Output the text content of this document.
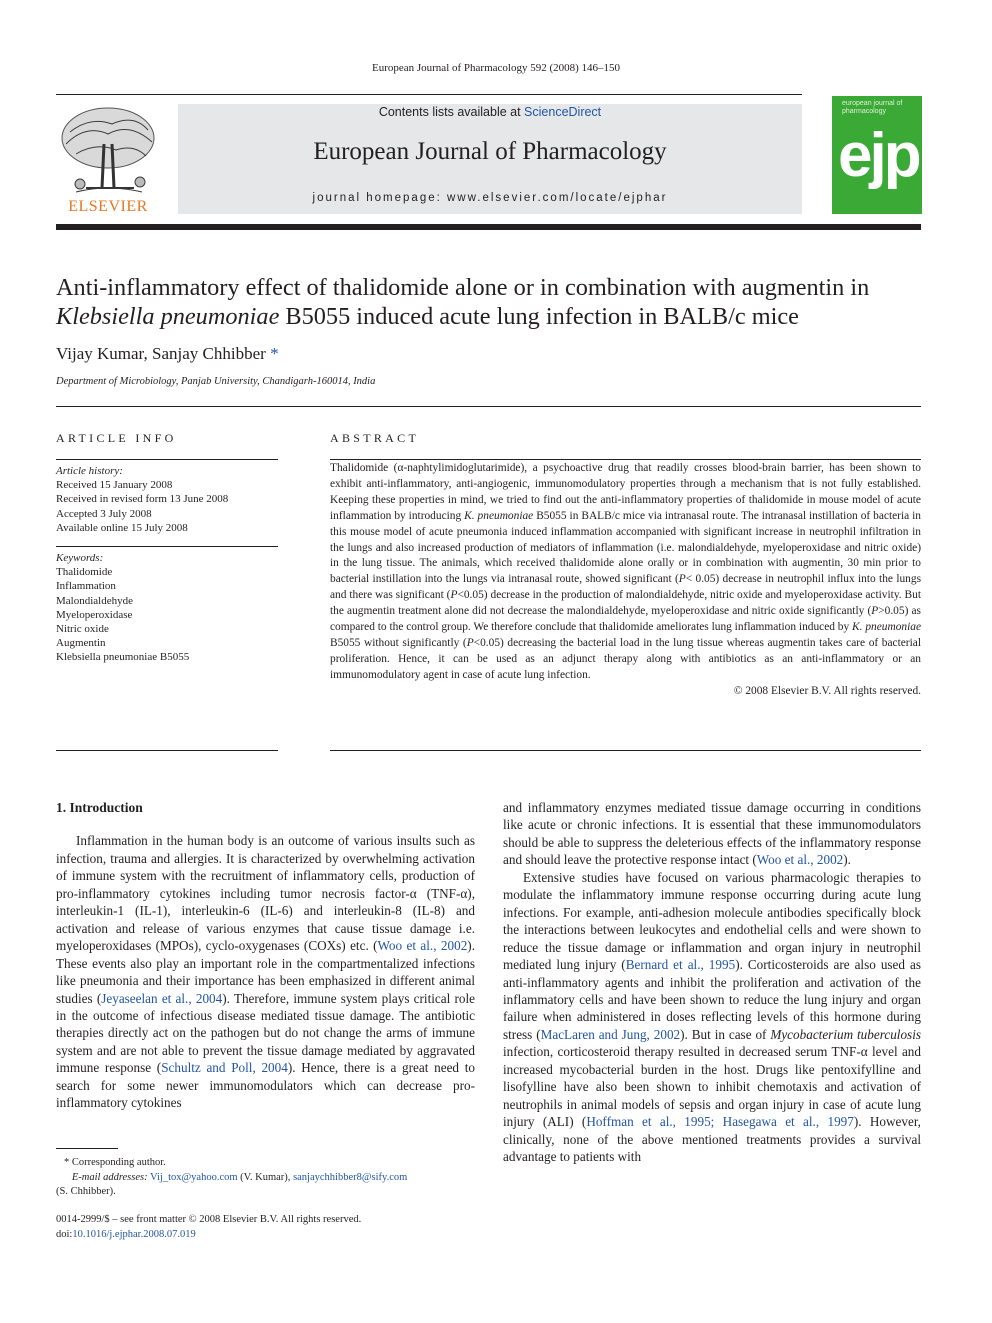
European Journal of Pharmacology 592 (2008) 146–150
ELSEVIER
Contents lists available at ScienceDirect
European Journal of Pharmacology
journal homepage: www.elsevier.com/locate/ejphar
european journal of pharmacology
ejp
Anti-inflammatory effect of thalidomide alone or in combination with augmentin in
Klebsiella pneumoniae B5055 induced acute lung infection in BALB/c mice
Vijay Kumar, Sanjay Chhibber *
Department of Microbiology, Panjab University, Chandigarh-160014, India
ARTICLE INFO
Article history:
Received 15 January 2008
Received in revised form 13 June 2008
Accepted 3 July 2008
Available online 15 July 2008
Keywords:
Thalidomide
Inflammation
Malondialdehyde
Myeloperoxidase
Nitric oxide
Augmentin
Klebsiella pneumoniae B5055
ABSTRACT

Thalidomide (α-naphtylimidoglutarimide), a psychoactive drug that readily crosses blood-brain barrier, has been shown to exhibit anti-inflammatory, anti-angiogenic, immunomodulatory properties through a mechanism that is not fully established. Keeping these properties in mind, we tried to find out the anti-inflammatory properties of thalidomide in mouse model of acute inflammation by introducing K. pneumoniae B5055 in BALB/c mice via intranasal route. The intranasal instillation of bacteria in this mouse model of acute pneumonia induced inflammation accompanied with significant increase in neutrophil infiltration in the lungs and also increased production of mediators of inflammation (i.e. malondialdehyde, myeloperoxidase and nitric oxide) in the lung tissue. The animals, which received thalidomide alone orally or in combination with augmentin, 30 min prior to bacterial instillation into the lungs via intranasal route, showed significant (P< 0.05) decrease in neutrophil influx into the lungs and there was significant (P<0.05) decrease in the production of malondialdehyde, nitric oxide and myeloperoxidase activity. But the augmentin treatment alone did not decrease the malondialdehyde, myeloperoxidase and nitric oxide significantly (P>0.05) as compared to the control group. We therefore conclude that thalidomide ameliorates lung inflammation induced by K. pneumoniae B5055 without significantly (P<0.05) decreasing the bacterial load in the lung tissue whereas augmentin takes care of bacterial proliferation. Hence, it can be used as an adjunct therapy along with antibiotics as an anti-inflammatory or an immunomodulatory agent in case of acute lung infection.

© 2008 Elsevier B.V. All rights reserved.

1. Introduction

Inflammation in the human body is an outcome of various insults such as infection, trauma and allergies. It is characterized by overwhelming activation of immune system with the recruitment of inflammatory cells, production of pro-inflammatory cytokines including tumor necrosis factor-α (TNF-α), interleukin-1 (IL-1), interleukin-6 (IL-6) and interleukin-8 (IL-8) and activation and release of various enzymes that cause tissue damage i.e. myeloperoxidases (MPOs), cyclo-oxygenases (COXs) etc. (Woo et al., 2002). These events also play an important role in the compartmentalized infections like pneumonia and their importance has been emphasized in different animal studies (Jeyaseelan et al., 2004). Therefore, immune system plays critical role in the outcome of infectious disease mediated tissue damage. The antibiotic therapies directly act on the pathogen but do not change the arms of immune system and are not able to prevent the tissue damage mediated by aggravated immune response (Schultz and Poll, 2004). Hence, there is a great need to search for some newer immunomodulators which can decrease pro-inflammatory cytokines

* Corresponding author.
E-mail addresses: Vij_tox@yahoo.com (V. Kumar), sanjaychhibber8@sify.com
(S. Chhibber).
0014-2999/$ – see front matter © 2008 Elsevier B.V. All rights reserved.
doi:10.1016/j.ejphar.2008.07.019

and inflammatory enzymes mediated tissue damage occurring in conditions like acute or chronic infections. It is essential that these immunomodulators should be able to suppress the deleterious effects of the inflammatory response and should leave the protective response intact (Woo et al., 2002).

Extensive studies have focused on various pharmacologic therapies to modulate the inflammatory immune response occurring during acute lung infections. For example, anti-adhesion molecule antibodies specifically block the interactions between leukocytes and endothelial cells and were shown to reduce the tissue damage or inflammation and organ injury in neutrophil mediated lung injury (Bernard et al., 1995). Corticosteroids are also used as anti-inflammatory agents and inhibit the proliferation and activation of the inflammatory cells and have been shown to reduce the lung injury and organ failure when administered in doses reflecting levels of this hormone during stress (MacLaren and Jung, 2002). But in case of Mycobacterium tuberculosis infection, corticosteroid therapy resulted in decreased serum TNF-α level and increased mycobacterial burden in the host. Drugs like pentoxifylline and lisofylline have also been shown to inhibit chemotaxis and activation of neutrophils in animal models of sepsis and organ injury in case of acute lung injury (ALI) (Hoffman et al., 1995; Hasegawa et al., 1997). However, clinically, none of the above mentioned treatments provides a survival advantage to patients with
